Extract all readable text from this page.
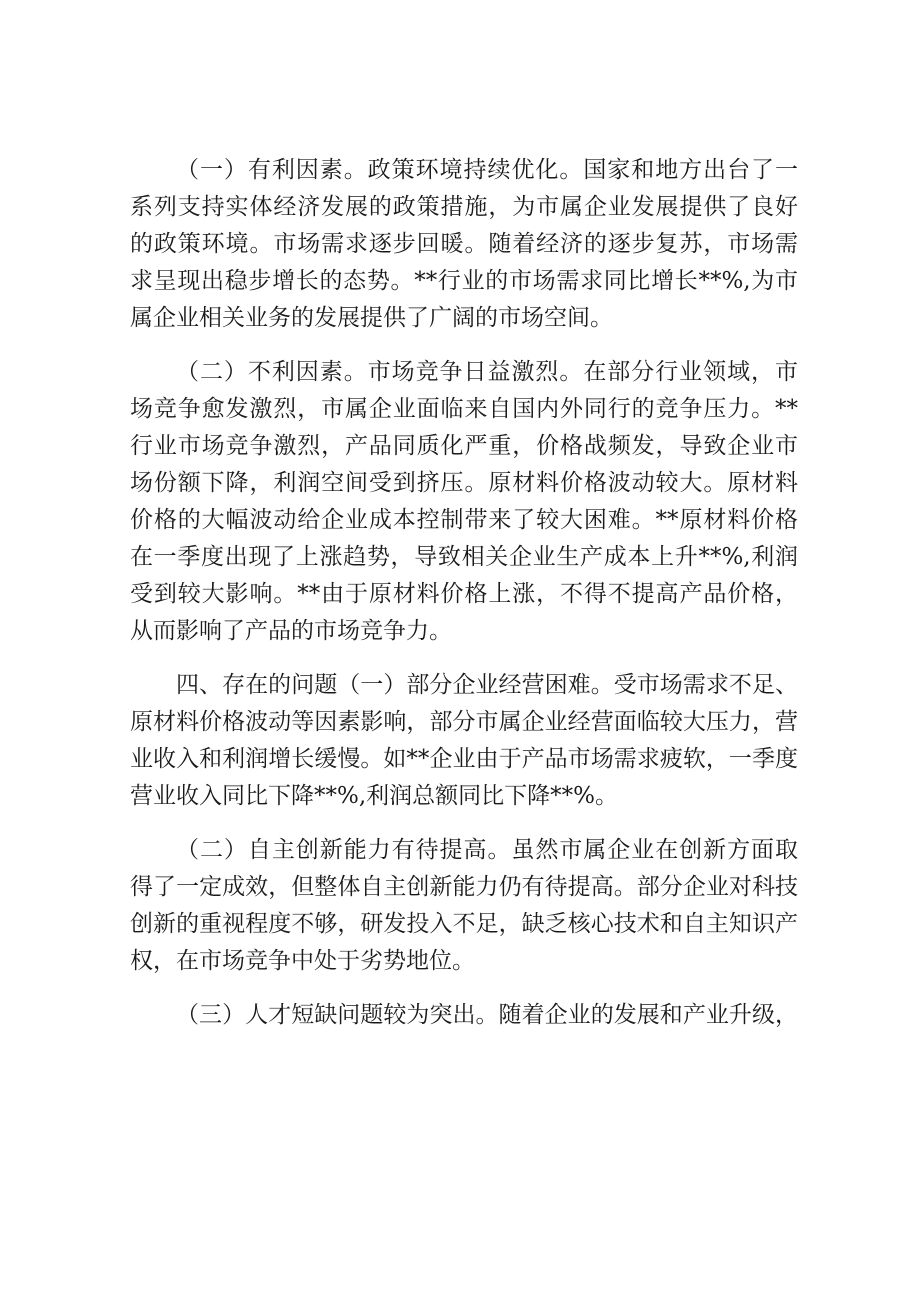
（一）有利因素。政策环境持续优化。国家和地方出台了一
系列支持实体经济发展的政策措施，为市属企业发展提供了良好
的政策环境。市场需求逐步回暖。随着经济的逐步复苏，市场需
求呈现出稳步增长的态势。**行业的市场需求同比增长**%,为市
属企业相关业务的发展提供了广阔的市场空间。

（二）不利因素。市场竞争日益激烈。在部分行业领域，市
场竞争愈发激烈，市属企业面临来自国内外同行的竞争压力。**
行业市场竞争激烈，产品同质化严重，价格战频发，导致企业市
场份额下降，利润空间受到挤压。原材料价格波动较大。原材料
价格的大幅波动给企业成本控制带来了较大困难。**原材料价格
在一季度出现了上涨趋势，导致相关企业生产成本上升**%,利润
受到较大影响。**由于原材料价格上涨，不得不提高产品价格，
从而影响了产品的市场竞争力。

四、存在的问题（一）部分企业经营困难。受市场需求不足、
原材料价格波动等因素影响，部分市属企业经营面临较大压力，营
业收入和利润增长缓慢。如**企业由于产品市场需求疲软，一季度
营业收入同比下降**%,利润总额同比下降**%。

（二）自主创新能力有待提高。虽然市属企业在创新方面取
得了一定成效，但整体自主创新能力仍有待提高。部分企业对科技
创新的重视程度不够，研发投入不足，缺乏核心技术和自主知识产
权，在市场竞争中处于劣势地位。

（三）人才短缺问题较为突出。随着企业的发展和产业升级，
